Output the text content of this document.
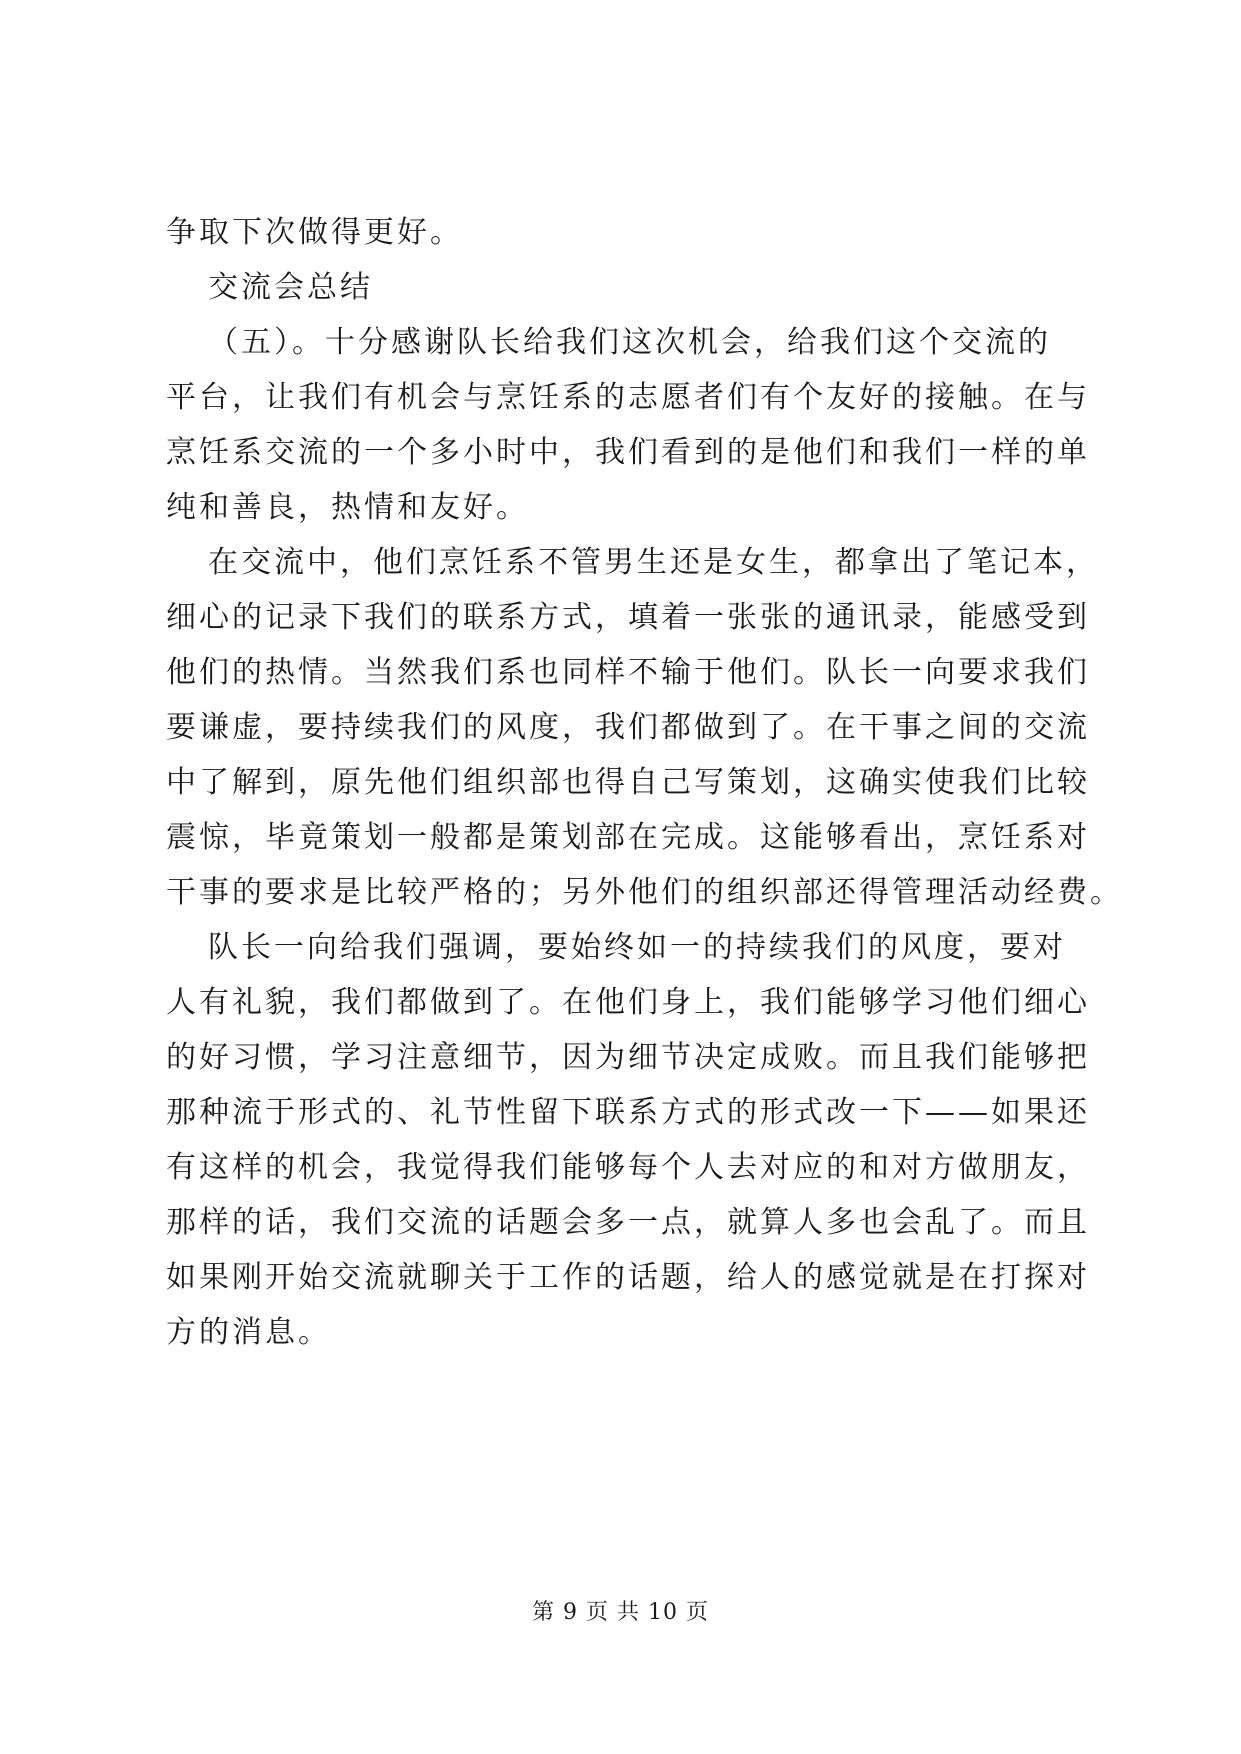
争取下次做得更好。
交流会总结
（五）。十分感谢队长给我们这次机会，给我们这个交流的
平台，让我们有机会与烹饪系的志愿者们有个友好的接触。在与
烹饪系交流的一个多小时中，我们看到的是他们和我们一样的单
纯和善良，热情和友好。
在交流中，他们烹饪系不管男生还是女生，都拿出了笔记本，
细心的记录下我们的联系方式，填着一张张的通讯录，能感受到
他们的热情。当然我们系也同样不输于他们。队长一向要求我们
要谦虚，要持续我们的风度，我们都做到了。在干事之间的交流
中了解到，原先他们组织部也得自己写策划，这确实使我们比较
震惊，毕竟策划一般都是策划部在完成。这能够看出，烹饪系对
干事的要求是比较严格的；另外他们的组织部还得管理活动经费。
队长一向给我们强调，要始终如一的持续我们的风度，要对
人有礼貌，我们都做到了。在他们身上，我们能够学习他们细心
的好习惯，学习注意细节，因为细节决定成败。而且我们能够把
那种流于形式的、礼节性留下联系方式的形式改一下——如果还
有这样的机会，我觉得我们能够每个人去对应的和对方做朋友，
那样的话，我们交流的话题会多一点，就算人多也会乱了。而且
如果刚开始交流就聊关于工作的话题，给人的感觉就是在打探对
方的消息。
第 9 页 共 10 页
